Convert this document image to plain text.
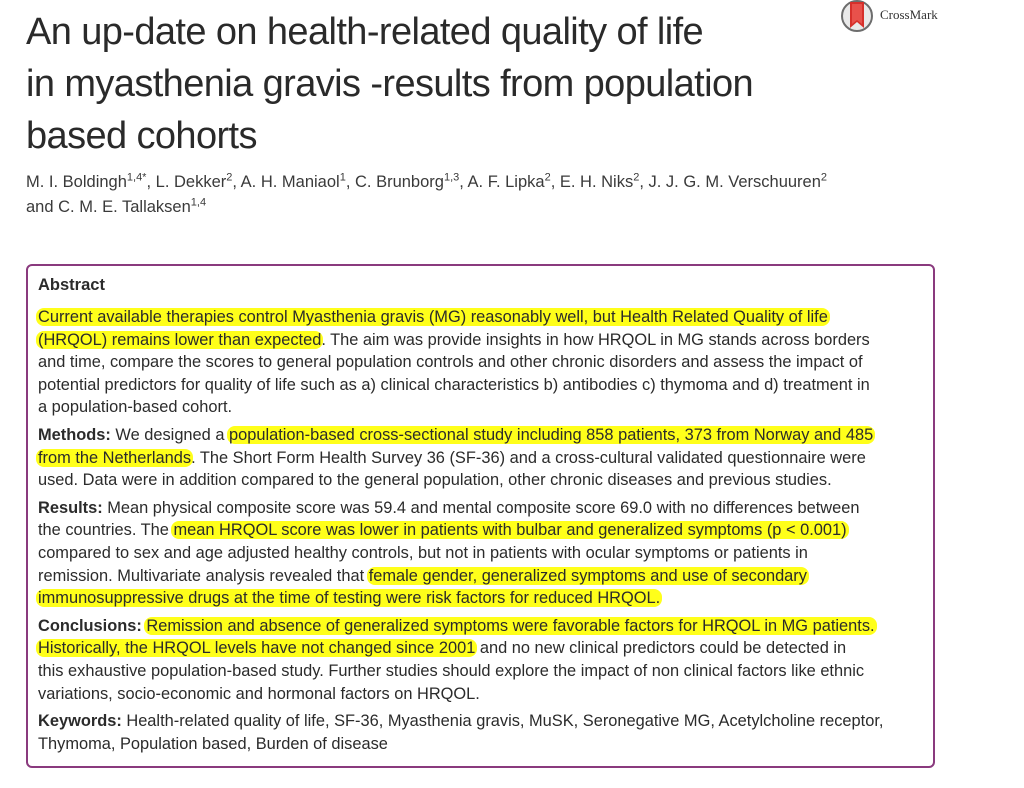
An up-date on health-related quality of life
in myasthenia gravis -results from population
based cohorts
CrossMark
M. I. Boldingh$^{1,4*}$, L. Dekker$^2$, A. H. Maniaol$^1$, C. Brunborg$^{1,3}$, A. F. Lipka$^2$, E. H. Niks$^2$, J. J. G. M. Verschuuren$^2$
and C. M. E. Tallaksen$^{1,4}$
Abstract
Current available therapies control Myasthenia gravis (MG) reasonably well, but Health Related Quality of life
(HRQOL) remains lower than expected. The aim was provide insights in how HRQOL in MG stands across borders
and time, compare the scores to general population controls and other chronic disorders and assess the impact of
potential predictors for quality of life such as a) clinical characteristics b) antibodies c) thymoma and d) treatment in
a population-based cohort.
Methods: We designed a population-based cross-sectional study including 858 patients, 373 from Norway and 485
from the Netherlands. The Short Form Health Survey 36 (SF-36) and a cross-cultural validated questionnaire were
used. Data were in addition compared to the general population, other chronic diseases and previous studies.
Results: Mean physical composite score was 59.4 and mental composite score 69.0 with no differences between
the countries. The mean HRQOL score was lower in patients with bulbar and generalized symptoms (p < 0.001)
compared to sex and age adjusted healthy controls, but not in patients with ocular symptoms or patients in
remission. Multivariate analysis revealed that female gender, generalized symptoms and use of secondary
immunosuppressive drugs at the time of testing were risk factors for reduced HRQOL.
Conclusions: Remission and absence of generalized symptoms were favorable factors for HRQOL in MG patients.
Historically, the HRQOL levels have not changed since 2001 and no new clinical predictors could be detected in
this exhaustive population-based study. Further studies should explore the impact of non clinical factors like ethnic
variations, socio-economic and hormonal factors on HRQOL.
Keywords: Health-related quality of life, SF-36, Myasthenia gravis, MuSK, Seronegative MG, Acetylcholine receptor,
Thymoma, Population based, Burden of disease
